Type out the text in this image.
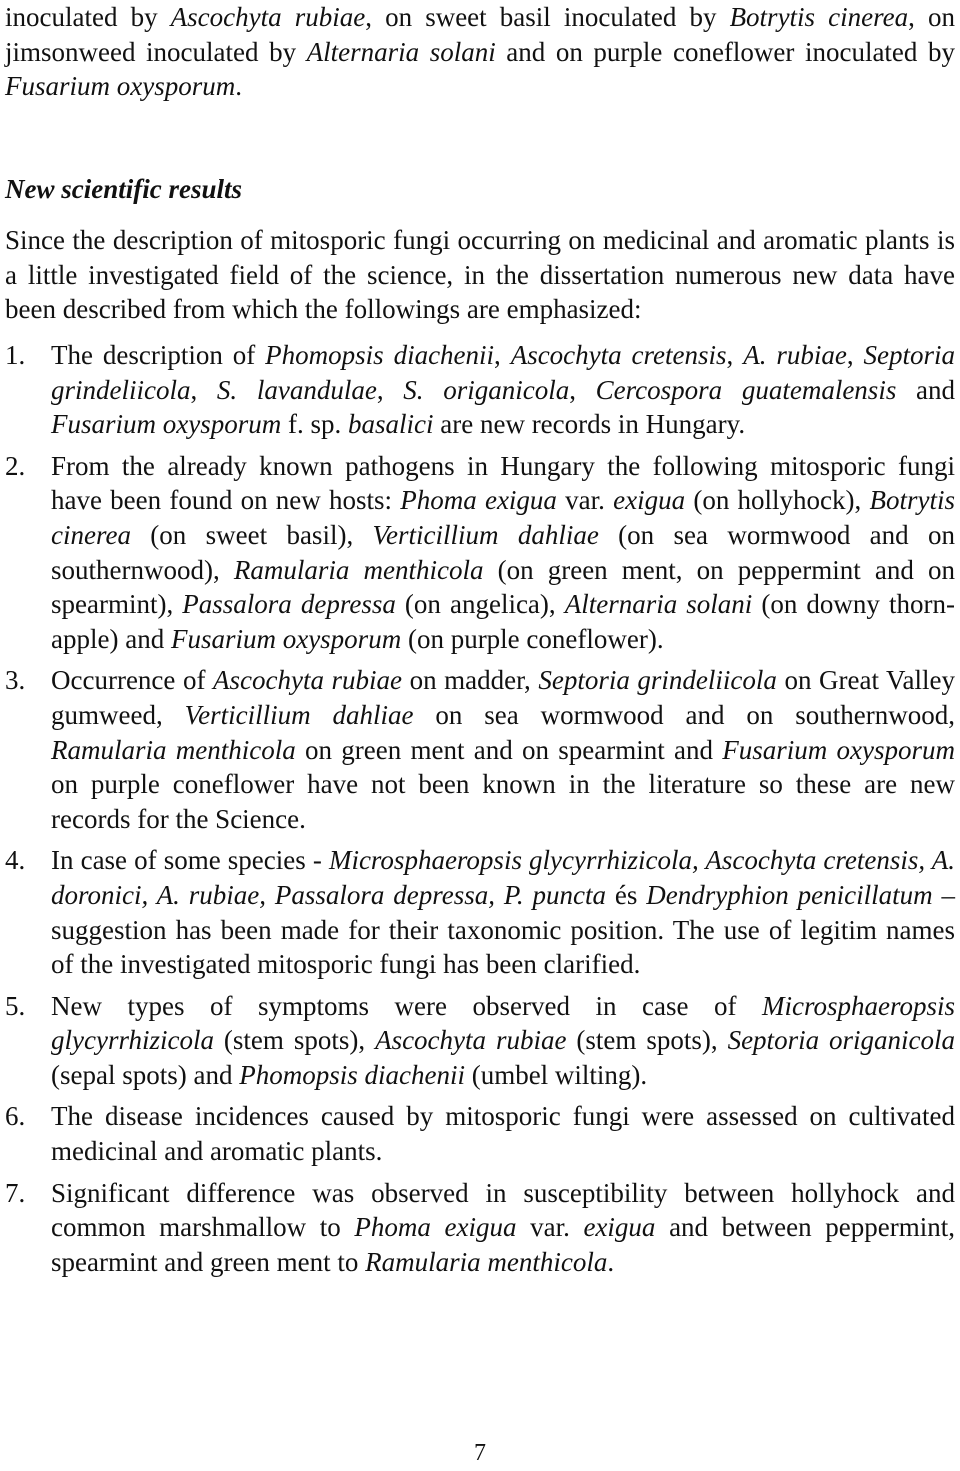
inoculated by Ascochyta rubiae, on sweet basil inoculated by Botrytis cinerea, on jimsonweed inoculated by Alternaria solani and on purple coneflower inoculated by Fusarium oxysporum.
New scientific results
Since the description of mitosporic fungi occurring on medicinal and aromatic plants is a little investigated field of the science, in the dissertation numerous new data have been described from which the followings are emphasized:
1. The description of Phomopsis diachenii, Ascochyta cretensis, A. rubiae, Septoria grindeliicola, S. lavandulae, S. origanicola, Cercospora guatemalensis and Fusarium oxysporum f. sp. basalici are new records in Hungary.
2. From the already known pathogens in Hungary the following mitosporic fungi have been found on new hosts: Phoma exigua var. exigua (on hollyhock), Botrytis cinerea (on sweet basil), Verticillium dahliae (on sea wormwood and on southernwood), Ramularia menthicola (on green ment, on peppermint and on spearmint), Passalora depressa (on angelica), Alternaria solani (on downy thorn-apple) and Fusarium oxysporum (on purple coneflower).
3. Occurrence of Ascochyta rubiae on madder, Septoria grindeliicola on Great Valley gumweed, Verticillium dahliae on sea wormwood and on southernwood, Ramularia menthicola on green ment and on spearmint and Fusarium oxysporum on purple coneflower have not been known in the literature so these are new records for the Science.
4. In case of some species - Microsphaeropsis glycyrrhizicola, Ascochyta cretensis, A. doronici, A. rubiae, Passalora depressa, P. puncta és Dendryphion penicillatum – suggestion has been made for their taxonomic position. The use of legitim names of the investigated mitosporic fungi has been clarified.
5. New types of symptoms were observed in case of Microsphaeropsis glycyrrhizicola (stem spots), Ascochyta rubiae (stem spots), Septoria origanicola (sepal spots) and Phomopsis diachenii (umbel wilting).
6. The disease incidences caused by mitosporic fungi were assessed on cultivated medicinal and aromatic plants.
7. Significant difference was observed in susceptibility between hollyhock and common marshmallow to Phoma exigua var. exigua and between peppermint, spearmint and green ment to Ramularia menthicola.
7
